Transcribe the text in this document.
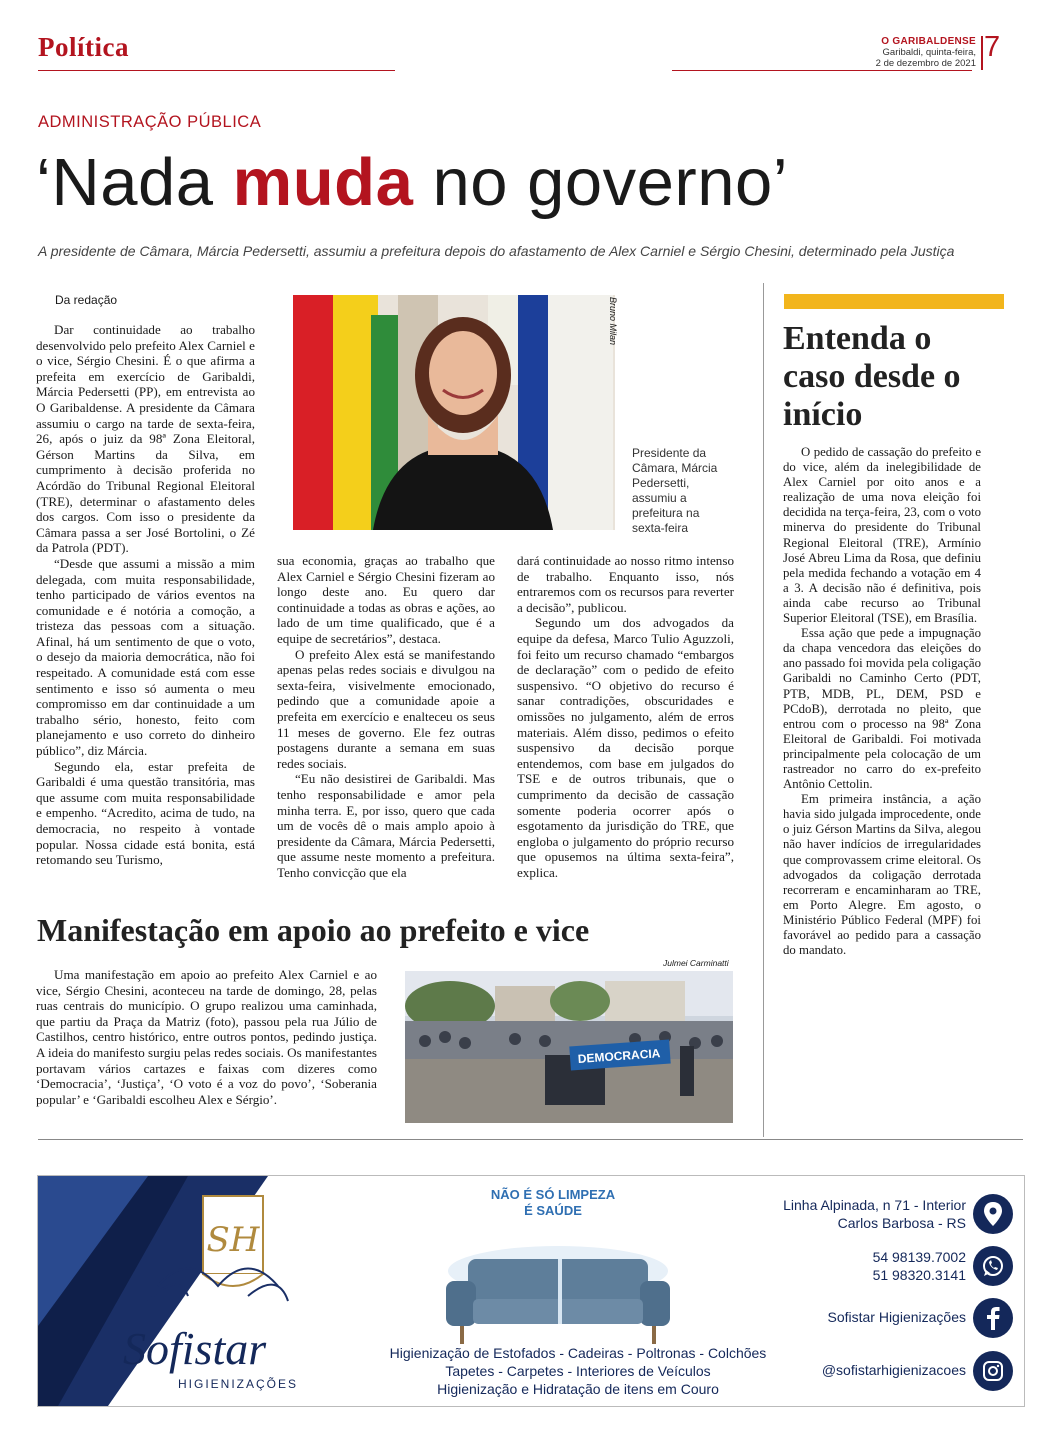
Política	O GARIBALDENSE
Garibaldi, quinta-feira,
2 de dezembro de 2021
7
ADMINISTRAÇÃO PÚBLICA
‘Nada muda no governo’
A presidente de Câmara, Márcia Pedersetti, assumiu a prefeitura depois do afastamento de Alex Carniel e Sérgio Chesini, determinado pela Justiça
Da redação

Dar continuidade ao trabalho desenvolvido pelo prefeito Alex Carniel e o vice, Sérgio Chesini. É o que afirma a prefeita em exercício de Garibaldi, Márcia Pedersetti (PP), em entrevista ao O Garibaldense. A presidente da Câmara assumiu o cargo na tarde de sexta-feira, 26, após o juiz da 98ª Zona Eleitoral, Gérson Martins da Silva, em cumprimento à decisão proferida no Acórdão do Tribunal Regional Eleitoral (TRE), determinar o afastamento deles dos cargos. Com isso o presidente da Câmara passa a ser José Bortolini, o Zé da Patrola (PDT).

“Desde que assumi a missão a mim delegada, com muita responsabilidade, tenho participado de vários eventos na comunidade e é notória a comoção, a tristeza das pessoas com a situação. Afinal, há um sentimento de que o voto, o desejo da maioria democrática, não foi respeitado. A comunidade está com esse sentimento e isso só aumenta o meu compromisso em dar continuidade a um trabalho sério, honesto, feito com planejamento e uso correto do dinheiro público”, diz Márcia.

Segundo ela, estar prefeita de Garibaldi é uma questão transitória, mas que assume com muita responsabilidade e empenho. “Acredito, acima de tudo, na democracia, no respeito à vontade popular. Nossa cidade está bonita, está retomando seu Turismo,

Bruno Milan
Presidente da Câmara, Márcia Pedersetti, assumiu a prefeitura na sexta-feira

sua economia, graças ao trabalho que Alex Carniel e Sérgio Chesini fizeram ao longo deste ano. Eu quero dar continuidade a todas as obras e ações, ao lado de um time qualificado, que é a equipe de secretários”, destaca.

O prefeito Alex está se manifestando apenas pelas redes sociais e divulgou na sexta-feira, visivelmente emocionado, pedindo que a comunidade apoie a prefeita em exercício e enalteceu os seus 11 meses de governo. Ele fez outras postagens durante a semana em suas redes sociais.

“Eu não desistirei de Garibaldi. Mas tenho responsabilidade e amor pela minha terra. E, por isso, quero que cada um de vocês dê o mais amplo apoio à presidente da Câmara, Márcia Pedersetti, que assume neste momento a prefeitura. Tenho convicção que ela

dará continuidade ao nosso ritmo intenso de trabalho. Enquanto isso, nós entraremos com os recursos para reverter a decisão”, publicou.

Segundo um dos advogados da equipe da defesa, Marco Tulio Aguzzoli, foi feito um recurso chamado “embargos de declaração” com o pedido de efeito suspensivo. “O objetivo do recurso é sanar contradições, obscuridades e omissões no julgamento, além de erros materiais. Além disso, pedimos o efeito suspensivo da decisão porque entendemos, com base em julgados do TSE e de outros tribunais, que o cumprimento da decisão de cassação somente poderia ocorrer após o esgotamento da jurisdição do TRE, que engloba o julgamento do próprio recurso que opusemos na última sexta-feira”, explica.

Entenda o caso desde o início

O pedido de cassação do prefeito e do vice, além da inelegibilidade de Alex Carniel por oito anos e a realização de uma nova eleição foi decidida na terça-feira, 23, com o voto minerva do presidente do Tribunal Regional Eleitoral (TRE), Armínio José Abreu Lima da Rosa, que definiu pela medida fechando a votação em 4 a 3. A decisão não é definitiva, pois ainda cabe recurso ao Tribunal Superior Eleitoral (TSE), em Brasília.

Essa ação que pede a impugnação da chapa vencedora das eleições do ano passado foi movida pela coligação Garibaldi no Caminho Certo (PDT, PTB, MDB, PL, DEM, PSD e PCdoB), derrotada no pleito, que entrou com o processo na 98ª Zona Eleitoral de Garibaldi. Foi motivada principalmente pela colocação de um rastreador no carro do ex-prefeito Antônio Cettolin.

Em primeira instância, a ação havia sido julgada improcedente, onde o juiz Gérson Martins da Silva, alegou não haver indícios de irregularidades que comprovassem crime eleitoral. Os advogados da coligação derrotada recorreram e encaminharam ao TRE, em Porto Alegre. Em agosto, o Ministério Público Federal (MPF) foi favorável ao pedido para a cassação do mandato.

Manifestação em apoio ao prefeito e vice

Uma manifestação em apoio ao prefeito Alex Carniel e ao vice, Sérgio Chesini, aconteceu na tarde de domingo, 28, pelas ruas centrais do município. O grupo realizou uma caminhada, que partiu da Praça da Matriz (foto), passou pela rua Júlio de Castilhos, centro histórico, entre outros pontos, pedindo justiça. A ideia do manifesto surgiu pelas redes sociais. Os manifestantes portavam vários cartazes e faixas com dizeres como ‘Democracia’, ‘Justiça’, ‘O voto é a voz do povo’, ‘Soberania popular’ e ‘Garibaldi escolheu Alex e Sérgio’.

Julmei Carminatti
DEMOCRACIA
SH
Sofistar
HIGIENIZAÇÕES
NÃO É SÓ LIMPEZA
É SAÚDE
Higienização de Estofados - Cadeiras - Poltronas - Colchões
Tapetes - Carpetes - Interiores de Veículos
Higienização e Hidratação de itens em Couro
Linha Alpinada, n 71 - Interior
Carlos Barbosa - RS
54 98139.7002
51 98320.3141
Sofistar Higienizações
@sofistarhigienizacoes
